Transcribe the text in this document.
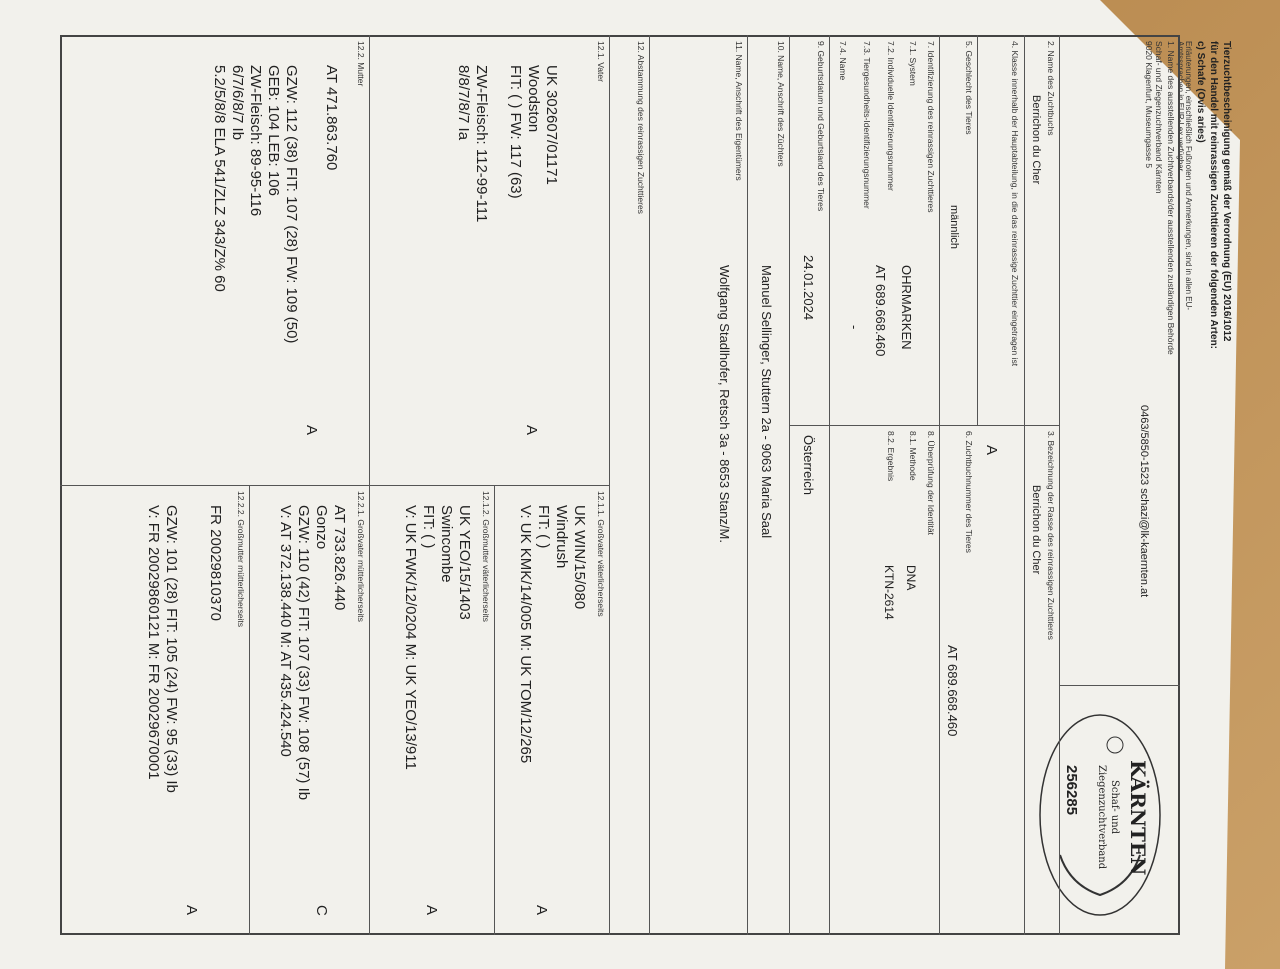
Tierzuchtbescheinigung gemäß der Verordnung (EU) 2016/1012
für den Handel mit reinrassigen Zuchttieren der folgenden Arten:
c) Schafe (Ovis aries)
Erläuterungen, einschließlich Fußnoten und Anmerkungen, sind in allen EU-
Amtssprachen in EUR-Lex verfügbar
KÄRNTEN
Schaf- und
Ziegenzuchtverband
256285
1. Name des ausstellenden Zuchtverbands/der ausstellenden zuständigen Behörde
Schaf- und Ziegenzuchtverband Kärnten
9020 Klagenfurt, Museumgasse 5
0463/5850-1523 schazi@lk-kaernten.at
2. Name des Zuchtbuchs
Berrichon du Cher
3. Bezeichnung der Rasse des reinrassigen Zuchttieres
Berrichon du Cher
A
4. Klasse innerhalb der Hauptabteilung, in die das reinrassige Zuchttier eingetragen ist
5. Geschlecht des Tieres
männlich
6. Zuchtbuchnummer des Tieres
AT 689.668.460
7. Identifizierung des reinrassigen Zuchttieres
7.1. System
OHRMARKEN
7.2. Individuelle Identifizierungsnummer
AT 689.668.460
7.3. Tiergesundheits-Identifizierungsnummer
-
7.4. Name
8. Überprüfung der Identität
8.1. Methode
DNA
8.2. Ergebnis
KTN-2614
9. Geburtsdatum und Geburtsland des Tieres
24.01.2024
Österreich
10. Name, Anschrift des Züchters
Manuel Sellinger, Stuttern 2a - 9063 Maria Saal
11. Name, Anschrift des Eigentümers
Wolfgang Stadlhofer, Retsch 3a - 8653 Stanz/M.
12. Abstammung des reinrassigen Zuchttieres
12.1. Vater
UK 302607/01171
Woodston
FIT: ( ) FW: 117 (63)
ZW-Fleisch: 112-99-111
8/8/7/8/7 Ia
A
12.1.1. Großvater väterlicherseits
UK WIN/15/080
Windrush
FIT: ( )
V: UK KMK/14/005 M: UK TOM/12/265
A
12.1.2. Großmutter väterlicherseits
UK YEO/15/1403
Swincombe
FIT: ( )
V: UK FWK/12/0204 M: UK YEO/13/911
A
12.2. Mutter
AT 471.863.760
GZW: 112 (38) FIT: 107 (28) FW: 109 (50)
GEB: 104 LEB: 106
ZW-Fleisch: 89-95-116
6/7/6/8/7 Ib
5.2/5/8/8 ELA 541/ZLZ 343/Z% 60
A
12.2.1. Großvater mütterlicherseits
AT 733.826.440
Gonzo
GZW: 110 (42) FIT: 107 (33) FW: 108 (57) Ib
V: AT 372.138.440 M: AT 435.424.540
C
12.2.2. Großmutter mütterlicherseits
FR 20029810370
GZW: 101 (28) FIT: 105 (24) FW: 95 (33) Ib
V: FR 20029860121 M: FR 20029670001
A
